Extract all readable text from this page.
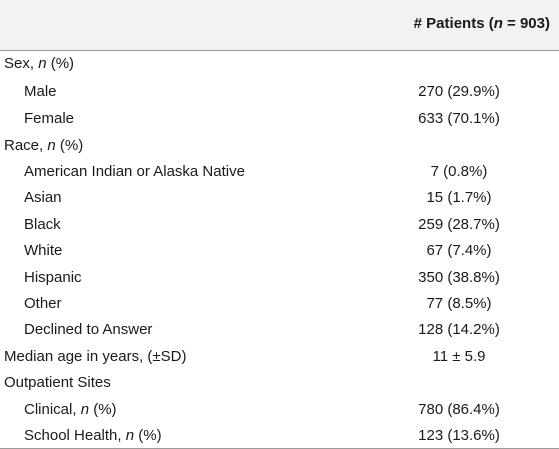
# Patients (n = 903)
Sex, n (%)
Male	270 (29.9%)
Female	633 (70.1%)
Race, n (%)
American Indian or Alaska Native	7 (0.8%)
Asian	15 (1.7%)
Black	259 (28.7%)
White	67 (7.4%)
Hispanic	350 (38.8%)
Other	77 (8.5%)
Declined to Answer	128 (14.2%)
Median age in years, (±SD)	11 ± 5.9
Outpatient Sites
Clinical, n (%)	780 (86.4%)
School Health, n (%)	123 (13.6%)
